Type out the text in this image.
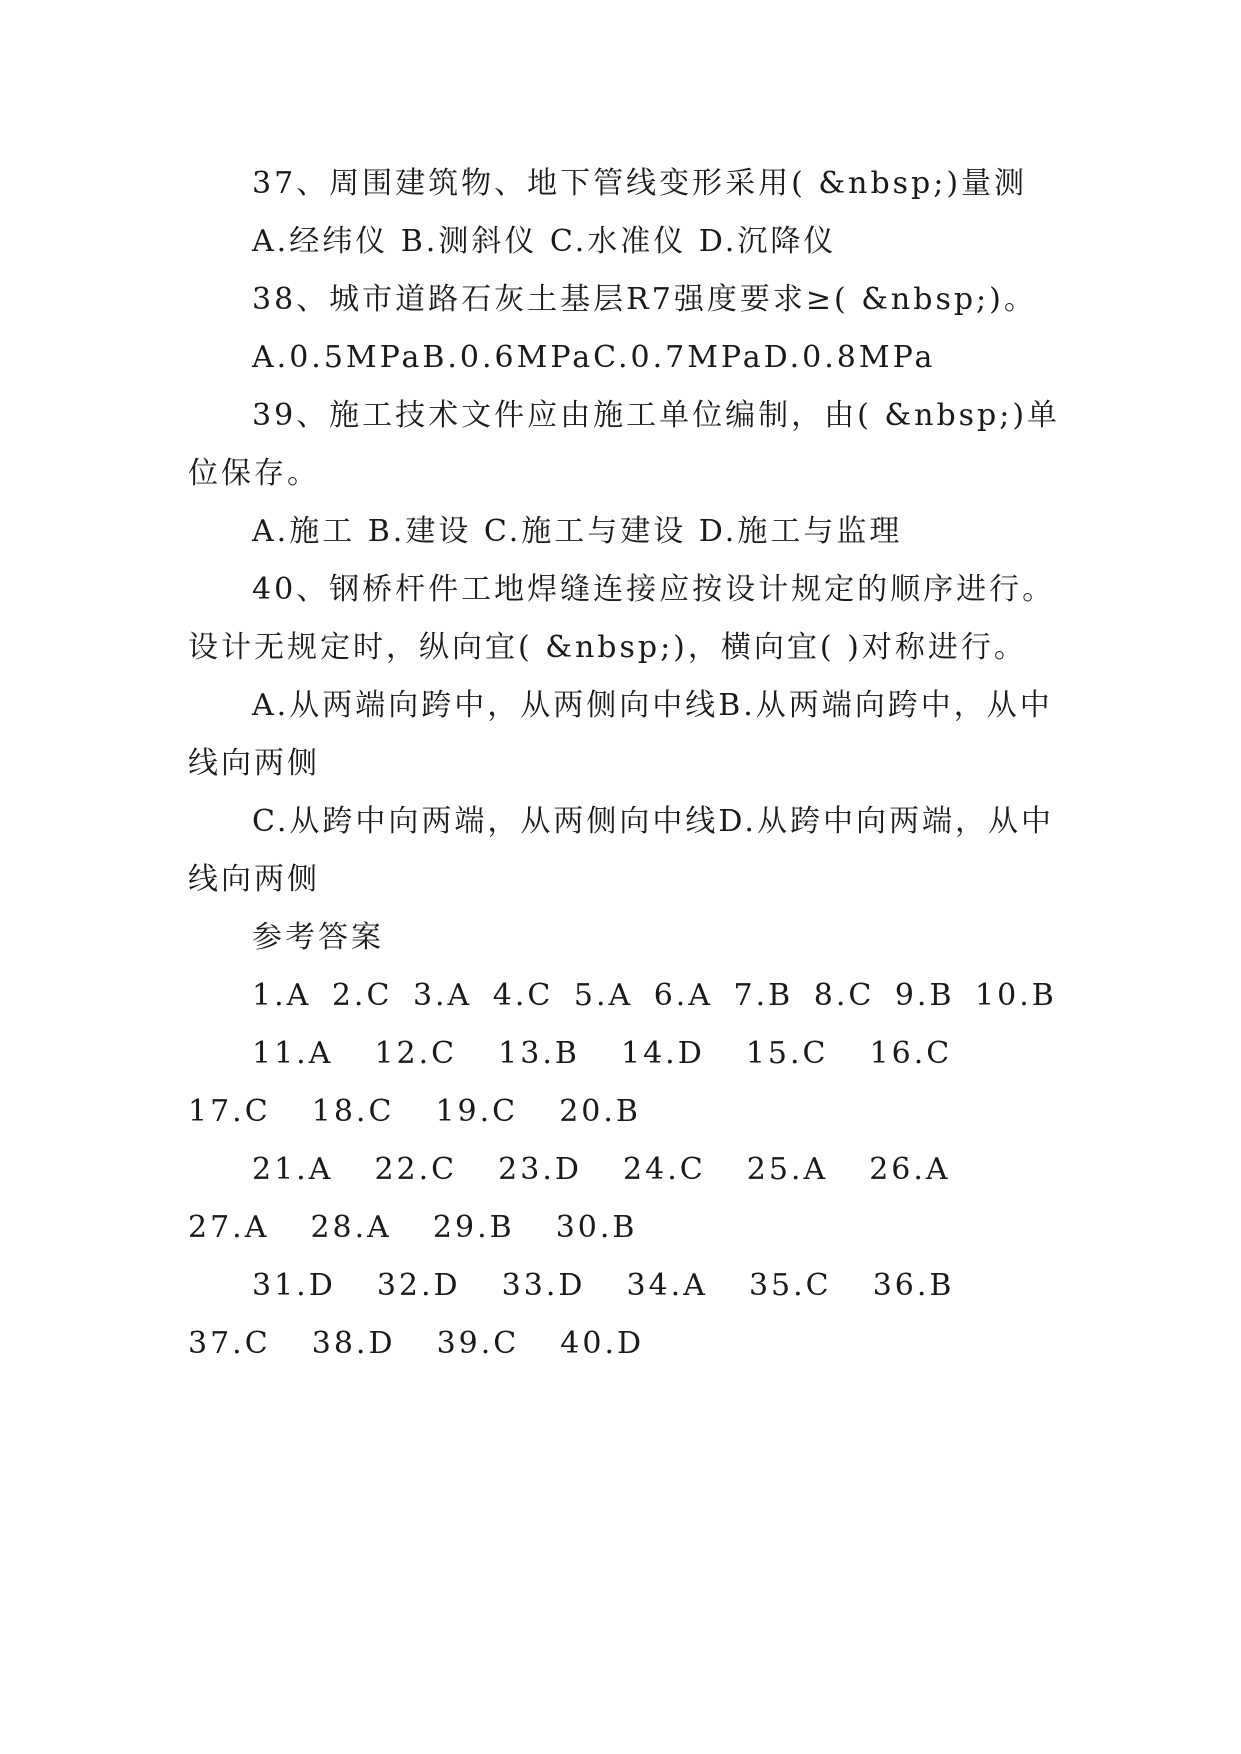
37、周围建筑物、地下管线变形采用( &nbsp;)量测

A.经纬仪 B.测斜仪 C.水准仪 D.沉降仪

38、城市道路石灰土基层R7强度要求≥( &nbsp;)。

A.0.5MPaB.0.6MPaC.0.7MPaD.0.8MPa

39、施工技术文件应由施工单位编制，由( &nbsp;)单位保存。

A.施工 B.建设 C.施工与建设 D.施工与监理

40、钢桥杆件工地焊缝连接应按设计规定的顺序进行。设计无规定时，纵向宜( &nbsp;)，横向宜( )对称进行。

A.从两端向跨中，从两侧向中线B.从两端向跨中，从中线向两侧

C.从跨中向两端，从两侧向中线D.从跨中向两端，从中线向两侧

参考答案

1.A 2.C 3.A 4.C 5.A 6.A 7.B 8.C 9.B 10.B

11.A  12.C  13.B  14.D  15.C  16.C  17.C  18.C  19.C  20.B

21.A  22.C  23.D  24.C  25.A  26.A  27.A  28.A  29.B  30.B

31.D  32.D  33.D  34.A  35.C  36.B  37.C  38.D  39.C  40.D
